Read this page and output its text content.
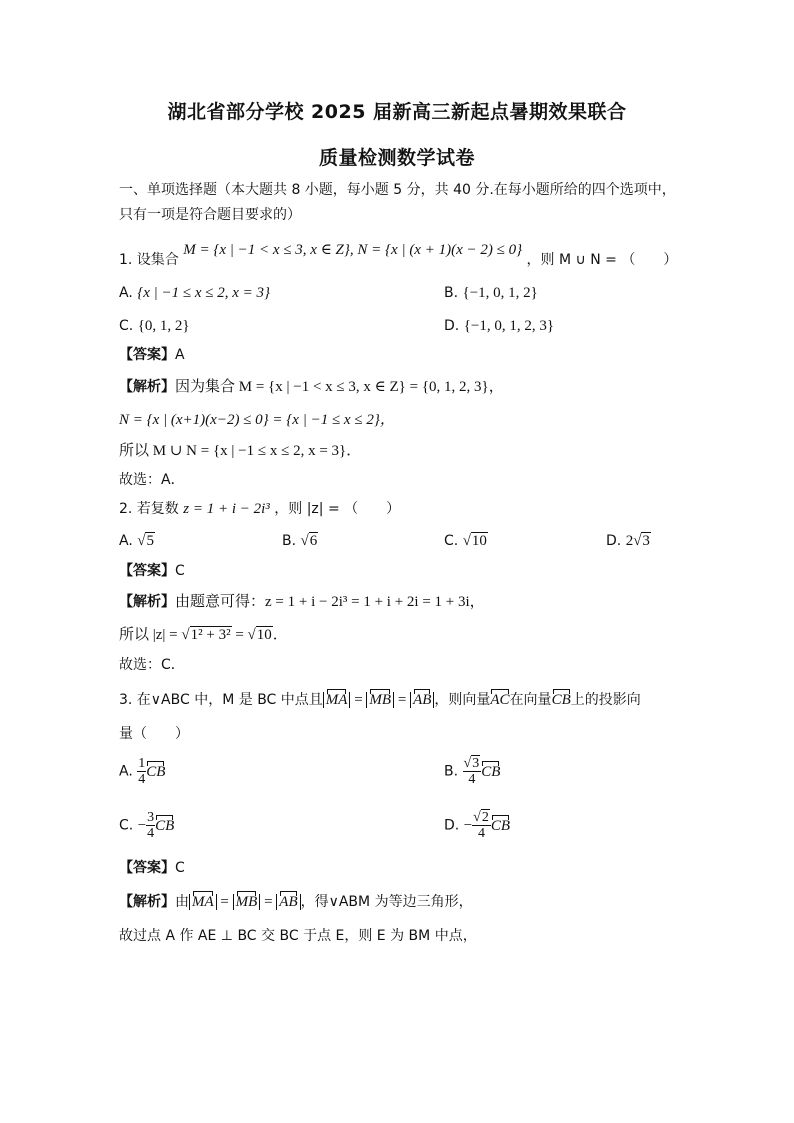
湖北省部分学校 2025 届新高三新起点暑期效果联合
质量检测数学试卷
一、单项选择题（本大题共 8 小题，每小题 5 分，共 40 分.在每小题所给的四个选项中，
只有一项是符合题目要求的）
1. 设集合 M = {x | −1 < x ≤ 3, x ∈ Z}, N = {x | (x + 1)(x − 2) ≤ 0} ，则 M ∪ N = （　　）
A. {x | −1 ≤ x ≤ 2, x = 3}	B. {−1, 0, 1, 2}
C. {0, 1, 2}	D. {−1, 0, 1, 2, 3}
【答案】A
【解析】因为集合 M = {x | −1 < x ≤ 3, x ∈ Z} = {0, 1, 2, 3}，
N = {x | (x+1)(x−2) ≤ 0} = {x | −1 ≤ x ≤ 2}，
所以 M ∪ N = {x | −1 ≤ x ≤ 2, x = 3}．
故选：A．
2. 若复数 z = 1 + i − 2i³ ，则 |z| = （　　）
A. √5	B. √6	C. √10	D. 2√3
【答案】C
【解析】由题意可得：z = 1 + i − 2i³ = 1 + i + 2i = 1 + 3i，
所以 |z| = √1² + 3² = √10．
故选：C．
3. 在∨ABC 中，M 是 BC 中点且 MA = MB = AB ，则向量AC在向量CB上的投影向
量（　　）
A. $\frac{1}{4}$ CB	B. $\frac{√3}{4}$ CB
C. − $\frac{3}{4}$ CB	D. − $\frac{√2}{4}$ CB
【答案】C
【解析】由 MA = MB = AB ，得∨ABM 为等边三角形，
故过点 A 作 AE ⊥ BC 交 BC 于点 E，则 E 为 BM 中点，
